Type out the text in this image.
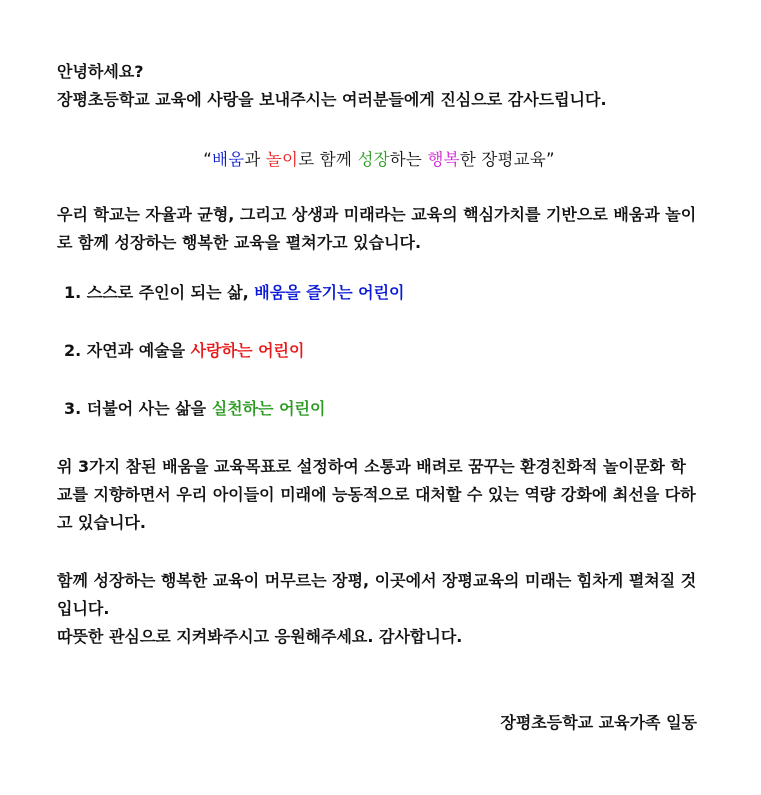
안녕하세요?
장평초등학교 교육에 사랑을 보내주시는 여러분들에게 진심으로 감사드립니다.
“배움과 놀이로 함께 성장하는 행복한 장평교육”
우리 학교는 자율과 균형, 그리고 상생과 미래라는 교육의 핵심가치를 기반으로 배움과 놀이로 함께 성장하는 행복한 교육을 펼쳐가고 있습니다.
1. 스스로 주인이 되는 삶, 배움을 즐기는 어린이
2. 자연과 예술을 사랑하는 어린이
3. 더불어 사는 삶을 실천하는 어린이
위 3가지 참된 배움을 교육목표로 설정하여 소통과 배려로 꿈꾸는 환경친화적 놀이문화 학교를 지향하면서 우리 아이들이 미래에 능동적으로 대처할 수 있는 역량 강화에 최선을 다하고 있습니다.
함께 성장하는 행복한 교육이 머무르는 장평, 이곳에서 장평교육의 미래는 힘차게 펼쳐질 것입니다.
따뜻한 관심으로 지켜봐주시고 응원해주세요. 감사합니다.
장평초등학교 교육가족 일동
